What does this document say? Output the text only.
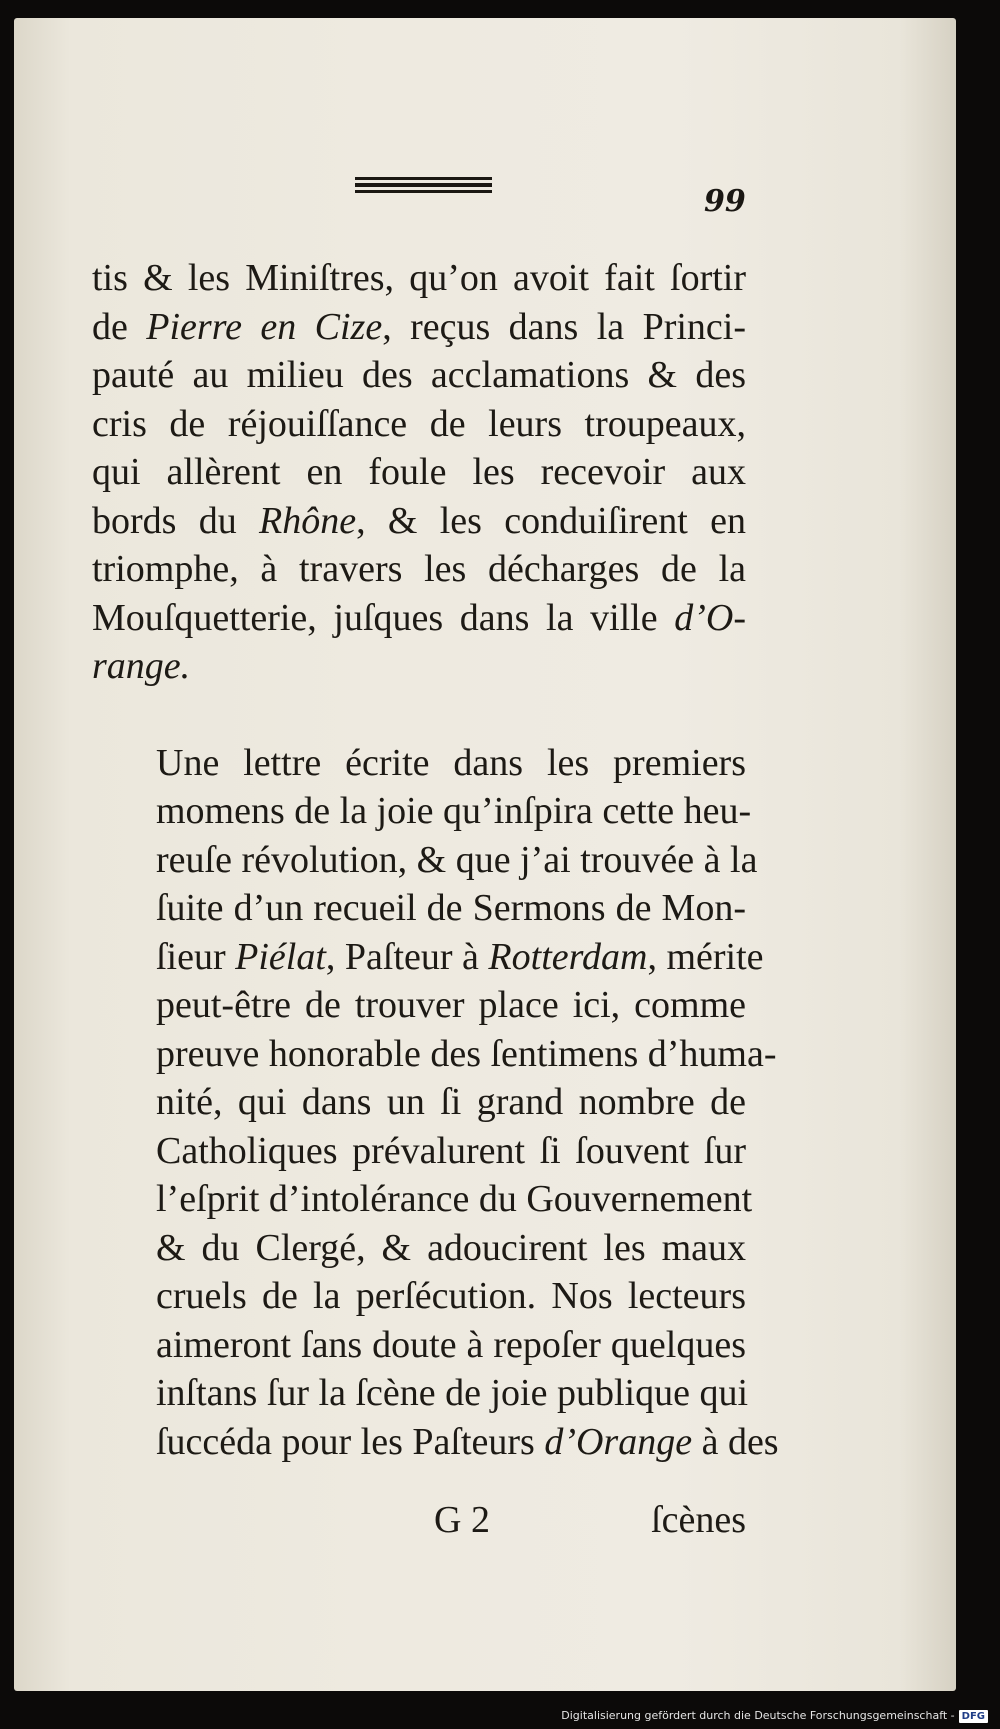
99

tis & les Miniſtres, qu’on avoit fait ſortir
de Pierre en Cize, reçus dans la Princi-
pauté au milieu des acclamations & des
cris de réjouiſſance de leurs troupeaux,
qui allèrent en foule les recevoir aux
bords du Rhône, & les conduiſirent en
triomphe, à travers les décharges de la
Mouſquetterie, juſques dans la ville d’O-
range.

Une lettre écrite dans les premiers
momens de la joie qu’inſpira cette heu-
reuſe révolution, & que j’ai trouvée à la
ſuite d’un recueil de Sermons de Mon-
ſieur Piélat, Paſteur à Rotterdam, mérite
peut-être de trouver place ici, comme
preuve honorable des ſentimens d’huma-
nité, qui dans un ſi grand nombre de
Catholiques prévalurent ſi ſouvent ſur
l’eſprit d’intolérance du Gouvernement
& du Clergé, & adoucirent les maux
cruels de la perſécution. Nos lecteurs
aimeront ſans doute à repoſer quelques
inſtans ſur la ſcène de joie publique qui
ſuccéda pour les Paſteurs d’Orange à des

G 2	ſcènes
Digitalisierung gefördert durch die Deutsche Forschungsgemeinschaft - DFG
